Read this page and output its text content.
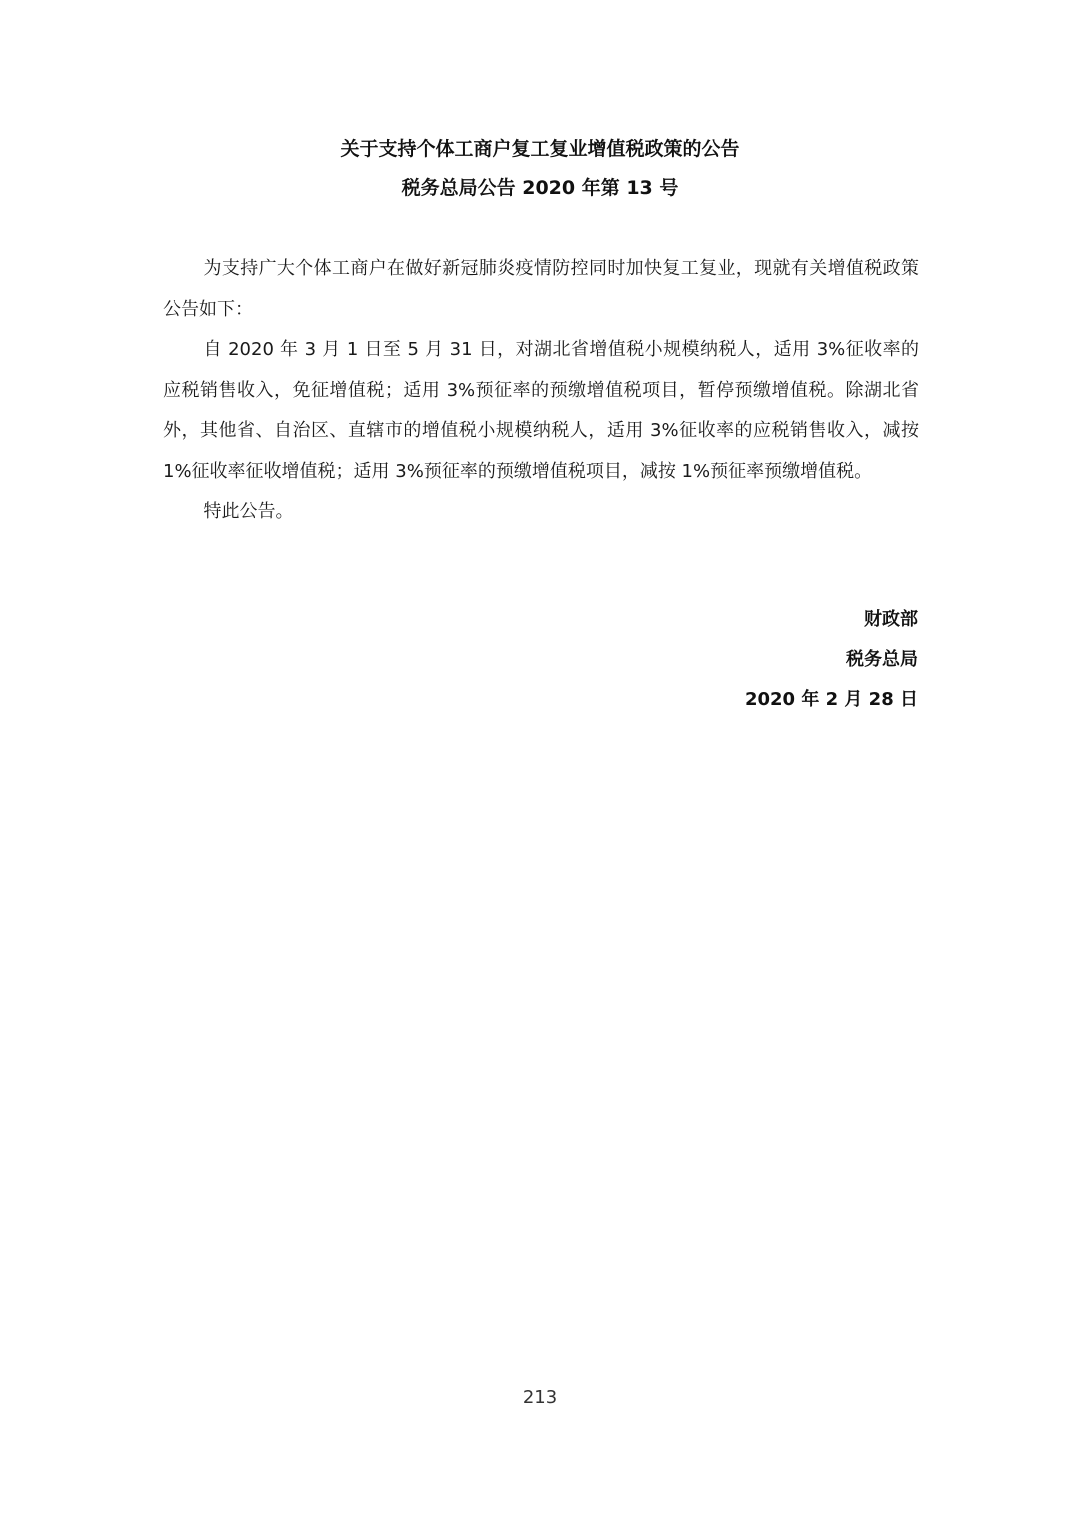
关于支持个体工商户复工复业增值税政策的公告
税务总局公告 2020 年第 13 号

为支持广大个体工商户在做好新冠肺炎疫情防控同时加快复工复业，现就有关增值税政策公告如下：

自 2020 年 3 月 1 日至 5 月 31 日，对湖北省增值税小规模纳税人，适用 3%征收率的应税销售收入，免征增值税；适用 3%预征率的预缴增值税项目，暂停预缴增值税。除湖北省外，其他省、自治区、直辖市的增值税小规模纳税人，适用 3%征收率的应税销售收入，减按 1%征收率征收增值税；适用 3%预征率的预缴增值税项目，减按 1%预征率预缴增值税。

特此公告。

财政部
税务总局
2020 年 2 月 28 日
213
